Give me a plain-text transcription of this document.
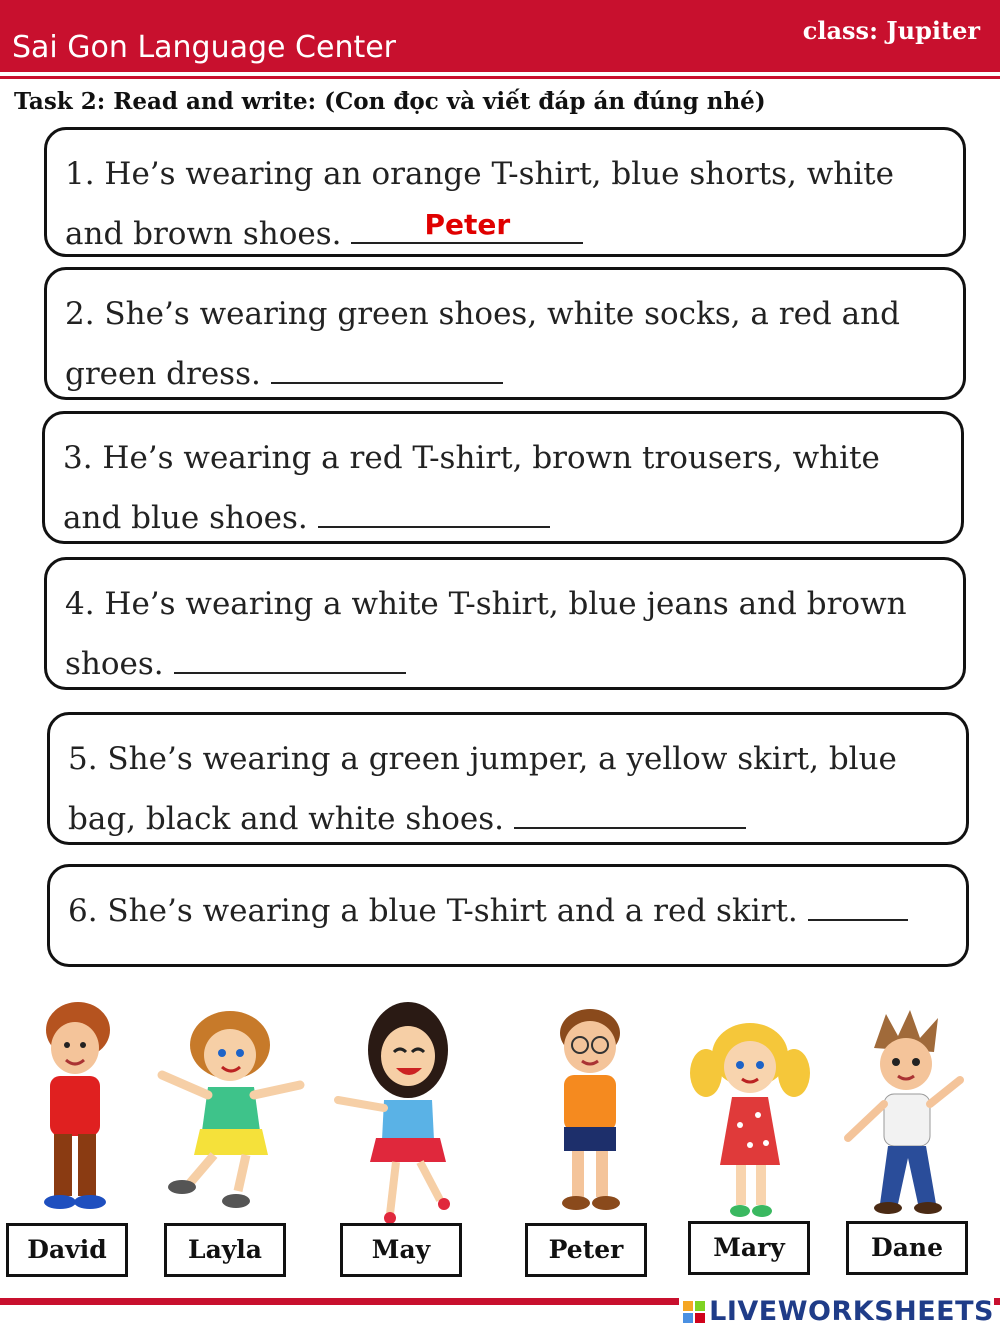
Sai Gon Language Center	class: Jupiter
Task 2: Read and write: (Con đọc và viết đáp án đúng nhé)
1. He’s wearing an orange T-shirt, blue shorts, white
and brown shoes.	Peter
2. She’s wearing green shoes, white socks, a red and
green dress.
3. He’s wearing a red T-shirt, brown trousers, white
and blue shoes.
4. He’s wearing a white T-shirt, blue jeans and brown
shoes.
5. She’s wearing a green jumper, a yellow skirt, blue
bag, black and white shoes.
6. She’s wearing a blue T-shirt and a red skirt.
David	Layla	May	Peter	Mary	Dane
LIVEWORKSHEETS
